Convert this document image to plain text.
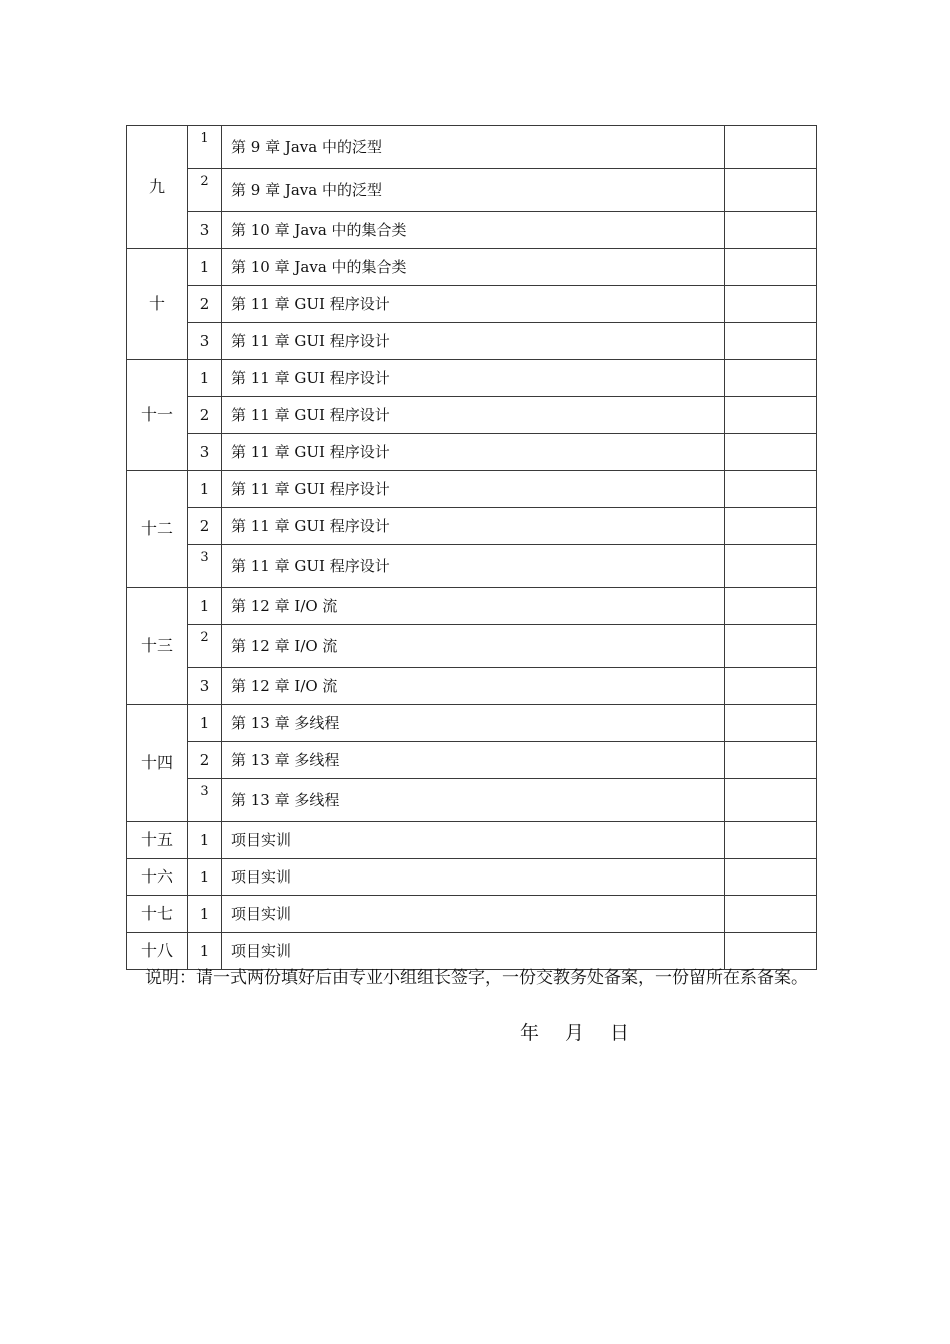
九	1	第 9 章 Java 中的泛型	
	2	第 9 章 Java 中的泛型	
	3	第 10 章 Java 中的集合类	
十	1	第 10 章 Java 中的集合类	
	2	第 11 章 GUI 程序设计	
	3	第 11 章 GUI 程序设计	
十一	1	第 11 章 GUI 程序设计	
	2	第 11 章 GUI 程序设计	
	3	第 11 章 GUI 程序设计	
十二	1	第 11 章 GUI 程序设计	
	2	第 11 章 GUI 程序设计	
	3	第 11 章 GUI 程序设计	
十三	1	第 12 章 I/O 流	
	2	第 12 章 I/O 流	
	3	第 12 章 I/O 流	
十四	1	第 13 章 多线程	
	2	第 13 章 多线程	
	3	第 13 章 多线程	
十五	1	项目实训	
十六	1	项目实训	
十七	1	项目实训	
十八	1	项目实训	

说明：请一式两份填好后由专业小组组长签字，一份交教务处备案，一份留所在系备案。

年 月 日
